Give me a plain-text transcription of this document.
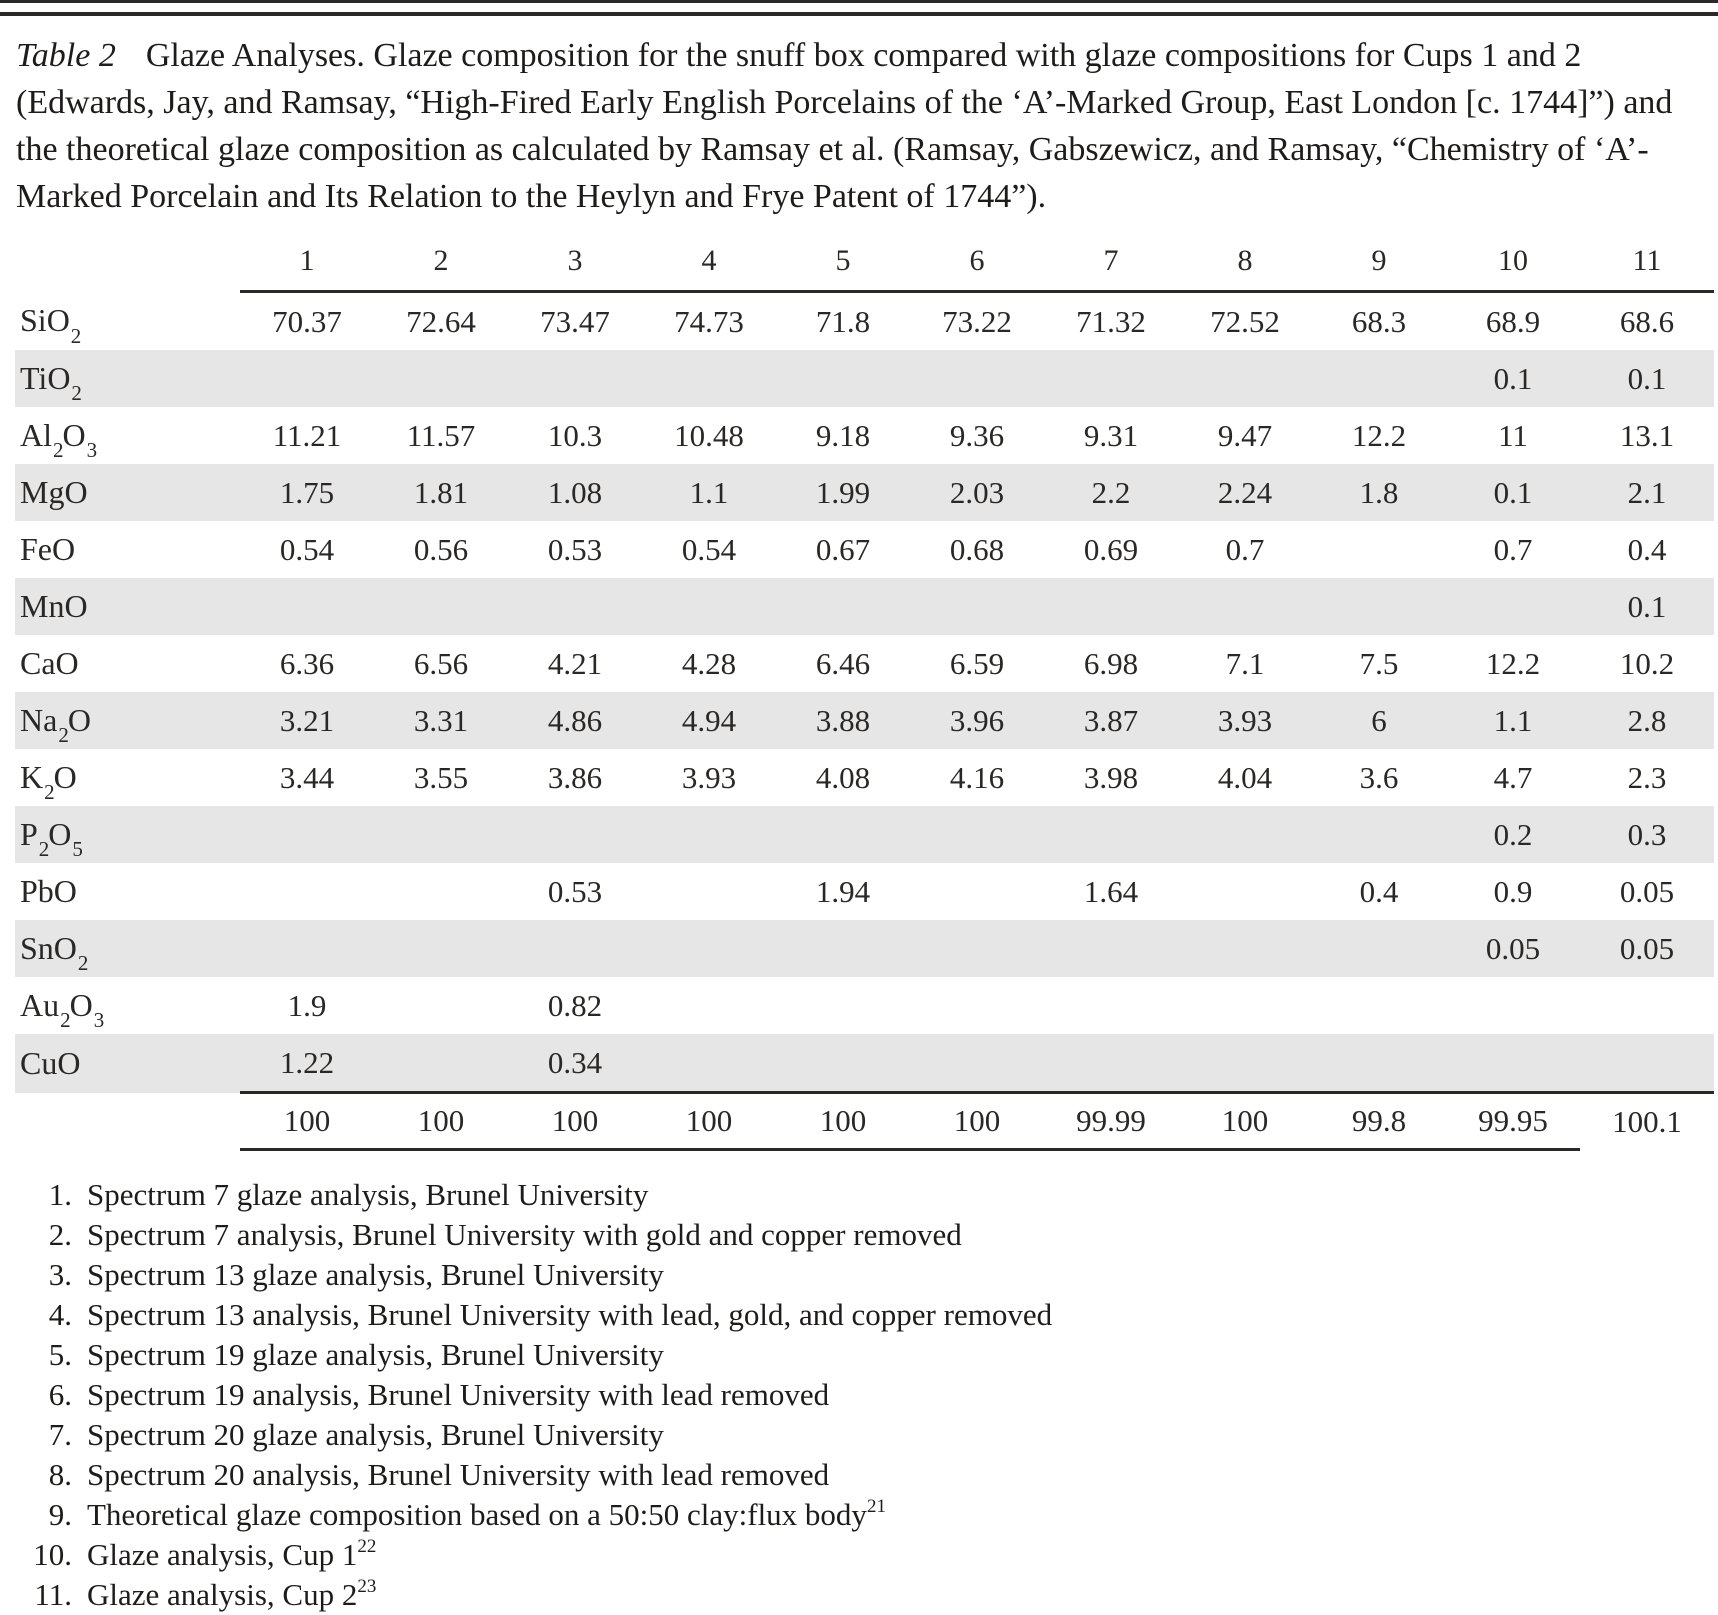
Table 2 Glaze Analyses. Glaze composition for the snuff box compared with glaze compositions for Cups 1 and 2 (Edwards, Jay, and Ramsay, “High-Fired Early English Porcelains of the ‘A’-Marked Group, East London [c. 1744]”) and the theoretical glaze composition as calculated by Ramsay et al. (Ramsay, Gabszewicz, and Ramsay, “Chemistry of ‘A’-Marked Porcelain and Its Relation to the Heylyn and Frye Patent of 1744”).

	1	2	3	4	5	6	7	8	9	10	11
SiO$_2$	70.37	72.64	73.47	74.73	71.8	73.22	71.32	72.52	68.3	68.9	68.6
TiO$_2$										0.1	0.1
$Al_2O_3$	11.21	11.57	10.3	10.48	9.18	9.36	9.31	9.47	12.2	11	13.1
MgO	1.75	1.81	1.08	1.1	1.99	2.03	2.2	2.24	1.8	0.1	2.1
FeO	0.54	0.56	0.53	0.54	0.67	0.68	0.69	0.7		0.7	0.4
MnO											0.1
CaO	6.36	6.56	4.21	4.28	6.46	6.59	6.98	7.1	7.5	12.2	10.2
$Na_2O$	3.21	3.31	4.86	4.94	3.88	3.96	3.87	3.93	6	1.1	2.8
$K_2O$	3.44	3.55	3.86	3.93	4.08	4.16	3.98	4.04	3.6	4.7	2.3
$P_2O_5$										0.2	0.3
PbO			0.53		1.94		1.64		0.4	0.9	0.05
SnO$_2$										0.05	0.05
$Au_2O_3$	1.9		0.82								
CuO	1.22		0.34								
	100	100	100	100	100	100	99.99	100	99.8	99.95	100.1
1. Spectrum 7 glaze analysis, Brunel University
2. Spectrum 7 analysis, Brunel University with gold and copper removed
3. Spectrum 13 glaze analysis, Brunel University
4. Spectrum 13 analysis, Brunel University with lead, gold, and copper removed
5. Spectrum 19 glaze analysis, Brunel University
6. Spectrum 19 analysis, Brunel University with lead removed
7. Spectrum 20 glaze analysis, Brunel University
8. Spectrum 20 analysis, Brunel University with lead removed
9. Theoretical glaze composition based on a 50:50 clay:flux body$^{21}$
10. Glaze analysis, Cup $1^{22}$
11. Glaze analysis, Cup $2^{23}$
